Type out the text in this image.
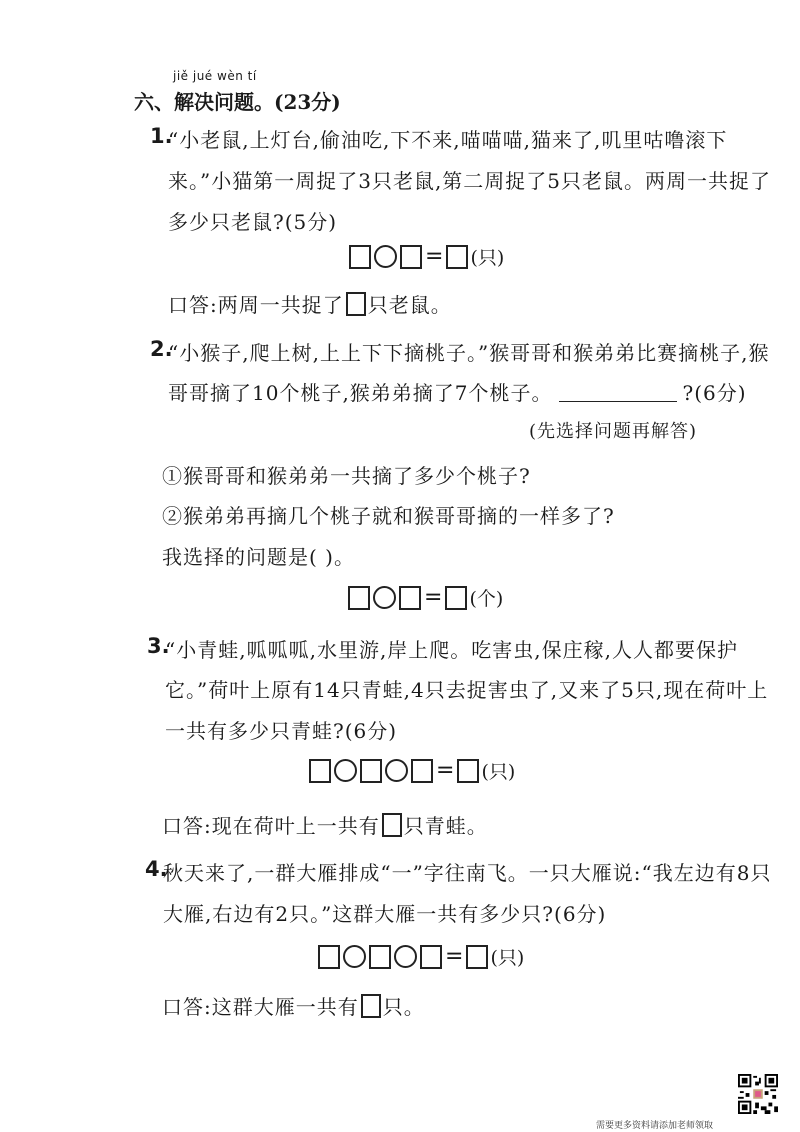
jiě jué wèn tí
六、解决问题。(23分)
1.
“小老鼠,上灯台,偷油吃,下不来,喵喵喵,猫来了,叽里咕噜滚下
来。”小猫第一周捉了3只老鼠,第二周捉了5只老鼠。两周一共捉了
多少只老鼠?(5分)
= (只)
口答:两周一共捉了 只老鼠。
2.
“小猴子,爬上树,上上下下摘桃子。”猴哥哥和猴弟弟比赛摘桃子,猴
哥哥摘了10个桃子,猴弟弟摘了7个桃子。	?(6分)
(先选择问题再解答)
①猴哥哥和猴弟弟一共摘了多少个桃子?
②猴弟弟再摘几个桃子就和猴哥哥摘的一样多了?
我选择的问题是( )。
= (个)
3.
“小青蛙,呱呱呱,水里游,岸上爬。吃害虫,保庄稼,人人都要保护
它。”荷叶上原有14只青蛙,4只去捉害虫了,又来了5只,现在荷叶上
一共有多少只青蛙?(6分)
= (只)
口答:现在荷叶上一共有 只青蛙。
4.
秋天来了,一群大雁排成“一”字往南飞。一只大雁说:“我左边有8只
大雁,右边有2只。”这群大雁一共有多少只?(6分)
= (只)
口答:这群大雁一共有 只。
需要更多资料请添加老师领取
